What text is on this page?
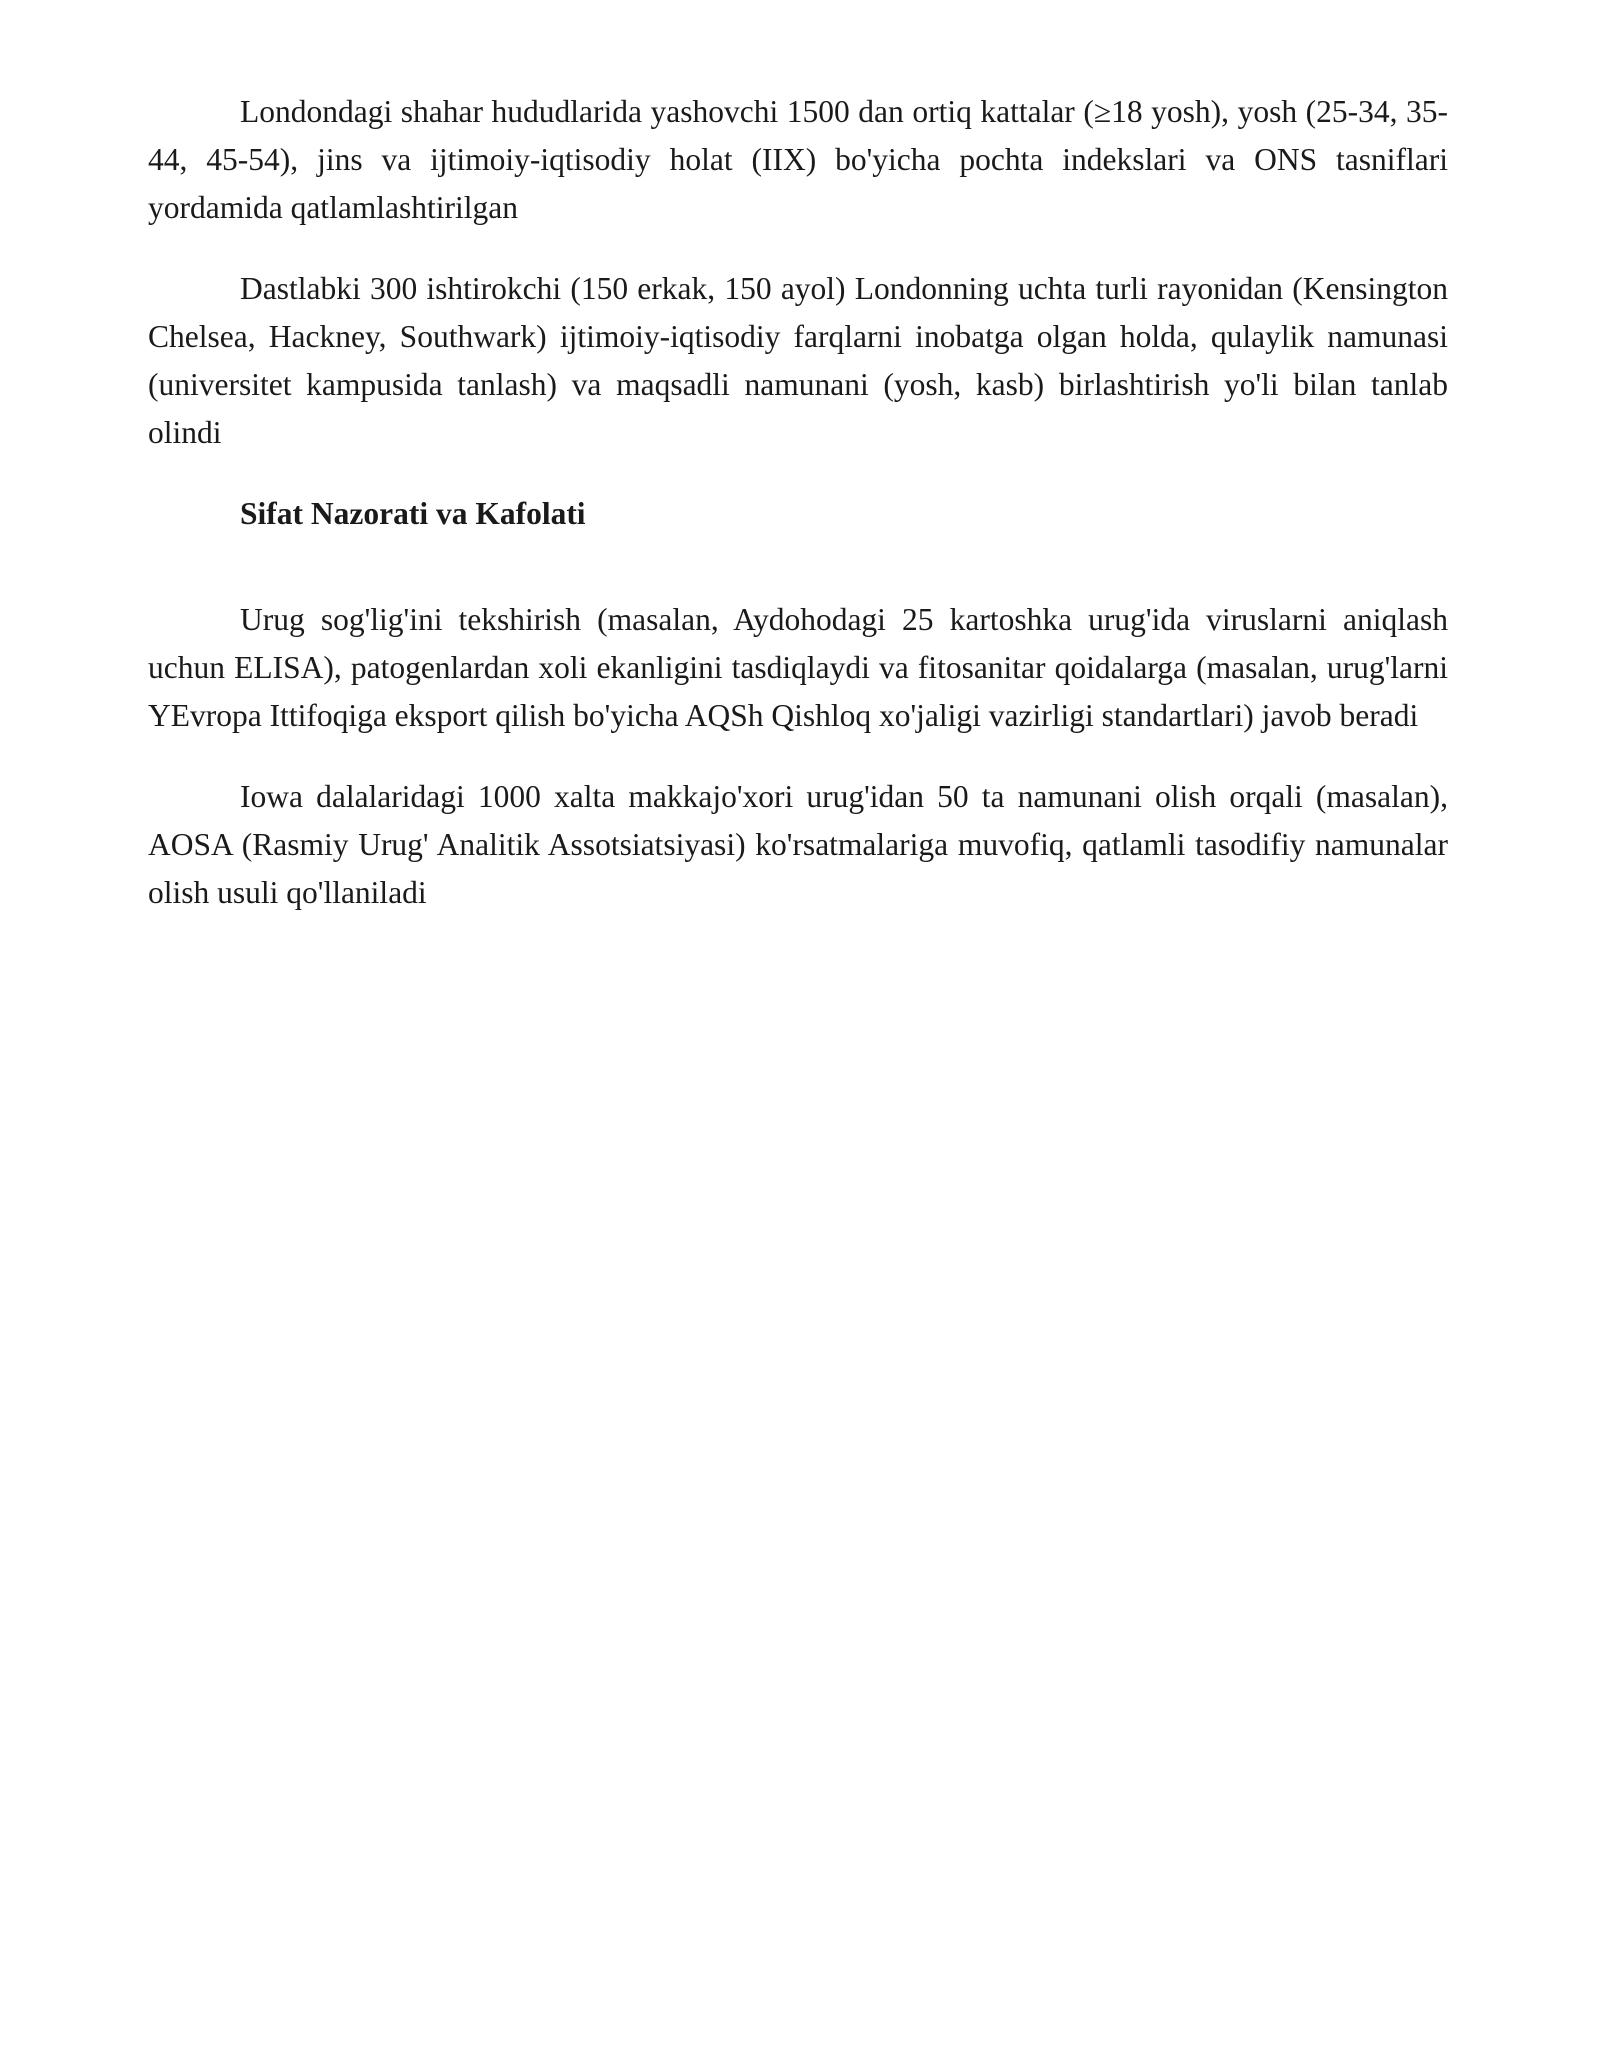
Londondagi shahar hududlarida yashovchi 1500 dan ortiq kattalar (≥18 yosh), yosh (25-34, 35-44, 45-54), jins va ijtimoiy-iqtisodiy holat (IIX) bo'yicha pochta indekslari va ONS tasniflari yordamida qatlamlashtirilgan

Dastlabki 300 ishtirokchi (150 erkak, 150 ayol) Londonning uchta turli rayonidan (Kensington Chelsea, Hackney, Southwark) ijtimoiy-iqtisodiy farqlarni inobatga olgan holda, qulaylik namunasi (universitet kampusida tanlash) va maqsadli namunani (yosh, kasb) birlashtirish yo'li bilan tanlab olindi

Sifat Nazorati va Kafolati

Urug sog'lig'ini tekshirish (masalan, Aydohodagi 25 kartoshka urug'ida viruslarni aniqlash uchun ELISA), patogenlardan xoli ekanligini tasdiqlaydi va fitosanitar qoidalarga (masalan, urug'larni YEvropa Ittifoqiga eksport qilish bo'yicha AQSh Qishloq xo'jaligi vazirligi standartlari) javob beradi

Iowa dalalaridagi 1000 xalta makkajo'xori urug'idan 50 ta namunani olish orqali (masalan), AOSA (Rasmiy Urug' Analitik Assotsiatsiyasi) ko'rsatmalariga muvofiq, qatlamli tasodifiy namunalar olish usuli qo'llaniladi
